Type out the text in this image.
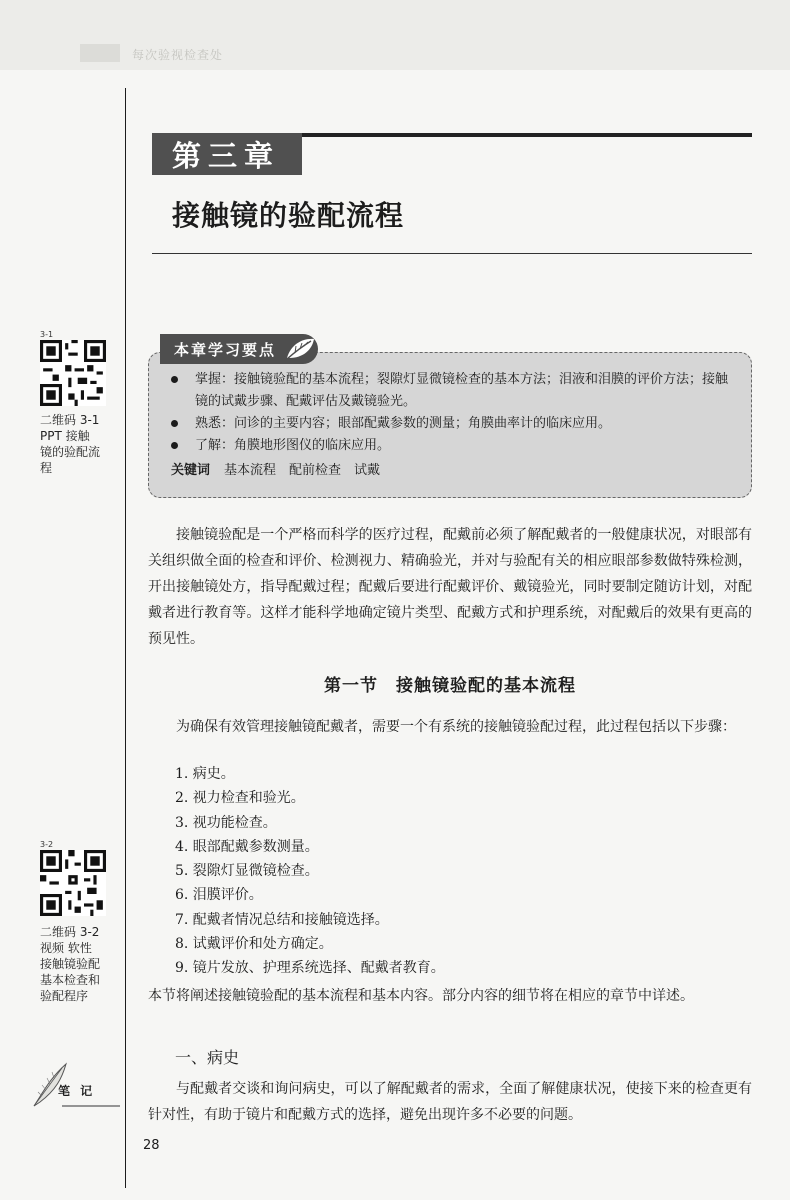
每次验视检查处
第三章
接触镜的验配流程
3-1
二维码 3-1
PPT 接触
镜的验配流
程
3-2
二维码 3-2
视频 软性
接触镜验配
基本检查和
验配程序
掌握：接触镜验配的基本流程；裂隙灯显微镜检查的基本方法；泪液和泪膜的评价方法；接触镜的试戴步骤、配戴评估及戴镜验光。
熟悉：问诊的主要内容；眼部配戴参数的测量；角膜曲率计的临床应用。
了解：角膜地形图仪的临床应用。
关键词 基本流程　配前检查　试戴
本章学习要点

接触镜验配是一个严格而科学的医疗过程，配戴前必须了解配戴者的一般健康状况，对眼部有关组织做全面的检查和评价、检测视力、精确验光，并对与验配有关的相应眼部参数做特殊检测，开出接触镜处方，指导配戴过程；配戴后要进行配戴评价、戴镜验光，同时要制定随访计划，对配戴者进行教育等。这样才能科学地确定镜片类型、配戴方式和护理系统，对配戴后的效果有更高的预见性。

第一节　接触镜验配的基本流程

为确保有效管理接触镜配戴者，需要一个有系统的接触镜验配过程，此过程包括以下步骤：

1. 病史。
2. 视力检查和验光。
3. 视功能检查。
4. 眼部配戴参数测量。
5. 裂隙灯显微镜检查。
6. 泪膜评价。
7. 配戴者情况总结和接触镜选择。
8. 试戴评价和处方确定。
9. 镜片发放、护理系统选择、配戴者教育。

本节将阐述接触镜验配的基本流程和基本内容。部分内容的细节将在相应的章节中详述。

一、病史

与配戴者交谈和询问病史，可以了解配戴者的需求，全面了解健康状况，使接下来的检查更有针对性，有助于镜片和配戴方式的选择，避免出现许多不必要的问题。

笔 记
28
